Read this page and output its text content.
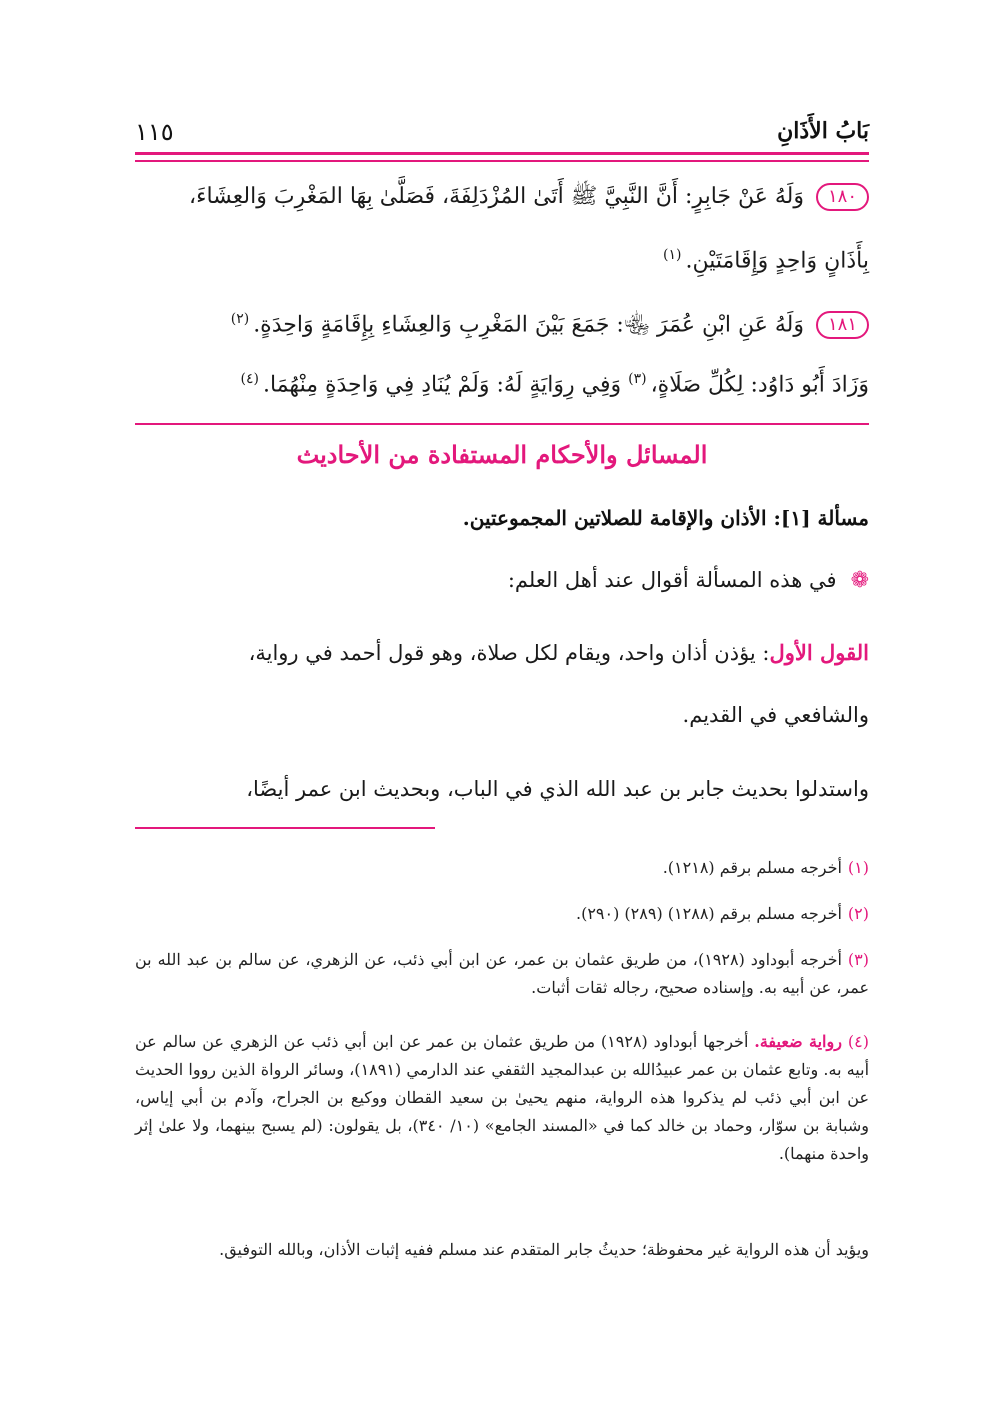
بَابُ الأَذَانِ
١١٥
١٨٠وَلَهُ عَنْ جَابِرٍ: أَنَّ النَّبِيَّ ﷺ أَتَىٰ المُزْدَلِفَةَ، فَصَلَّىٰ بِهَا المَغْرِبَ وَالعِشَاءَ،
بِأَذَانٍ وَاحِدٍ وَإِقَامَتَيْنِ.$^{(١)}$
١٨١وَلَهُ عَنِ ابْنِ عُمَرَ ﵄: جَمَعَ بَيْنَ المَغْرِبِ وَالعِشَاءِ بِإِقَامَةٍ وَاحِدَةٍ.$^{(٢)}$
وَزَادَ أَبُو دَاوُد: لِكُلِّ صَلَاةٍ،$^{(٣)}$ وَفِي رِوَايَةٍ لَهُ: وَلَمْ يُنَادِ فِي وَاحِدَةٍ مِنْهُمَا.$^{(٤)}$
المسائل والأحكام المستفادة من الأحاديث
مسألة [١]: الأذان والإقامة للصلاتين المجموعتين.
❁في هذه المسألة أقوال عند أهل العلم:
القول الأول: يؤذن أذان واحد، ويقام لكل صلاة، وهو قول أحمد في رواية،
والشافعي في القديم.
واستدلوا بحديث جابر بن عبد الله الذي في الباب، وبحديث ابن عمر أيضًا،
(١)أخرجه مسلم برقم (١٢١٨).
(٢)أخرجه مسلم برقم (١٢٨٨) (٢٨٩) (٢٩٠).
(٣)أخرجه أبوداود (١٩٢٨)، من طريق عثمان بن عمر، عن ابن أبي ذئب، عن الزهري، عن سالم بن عبد الله بن عمر، عن أبيه به. وإسناده صحيح، رجاله ثقات أثبات.
(٤)رواية ضعيفة. أخرجها أبوداود (١٩٢٨) من طريق عثمان بن عمر عن ابن أبي ذئب عن الزهري عن سالم عن أبيه به. وتابع عثمان بن عمر عبيدُالله بن عبدالمجيد الثقفي عند الدارمي (١٨٩١)، وسائر الرواة الذين رووا الحديث عن ابن أبي ذئب لم يذكروا هذه الرواية، منهم يحيىٰ بن سعيد القطان ووكيع بن الجراح، وآدم بن أبي إياس، وشبابة بن سوّار، وحماد بن خالد كما في «المسند الجامع» (١٠/ ٣٤٠)، بل يقولون: (لم يسبح بينهما، ولا علىٰ إثر واحدة منهما).
ويؤيد أن هذه الرواية غير محفوظة؛ حديثُ جابر المتقدم عند مسلم ففيه إثبات الأذان، وبالله التوفيق.
